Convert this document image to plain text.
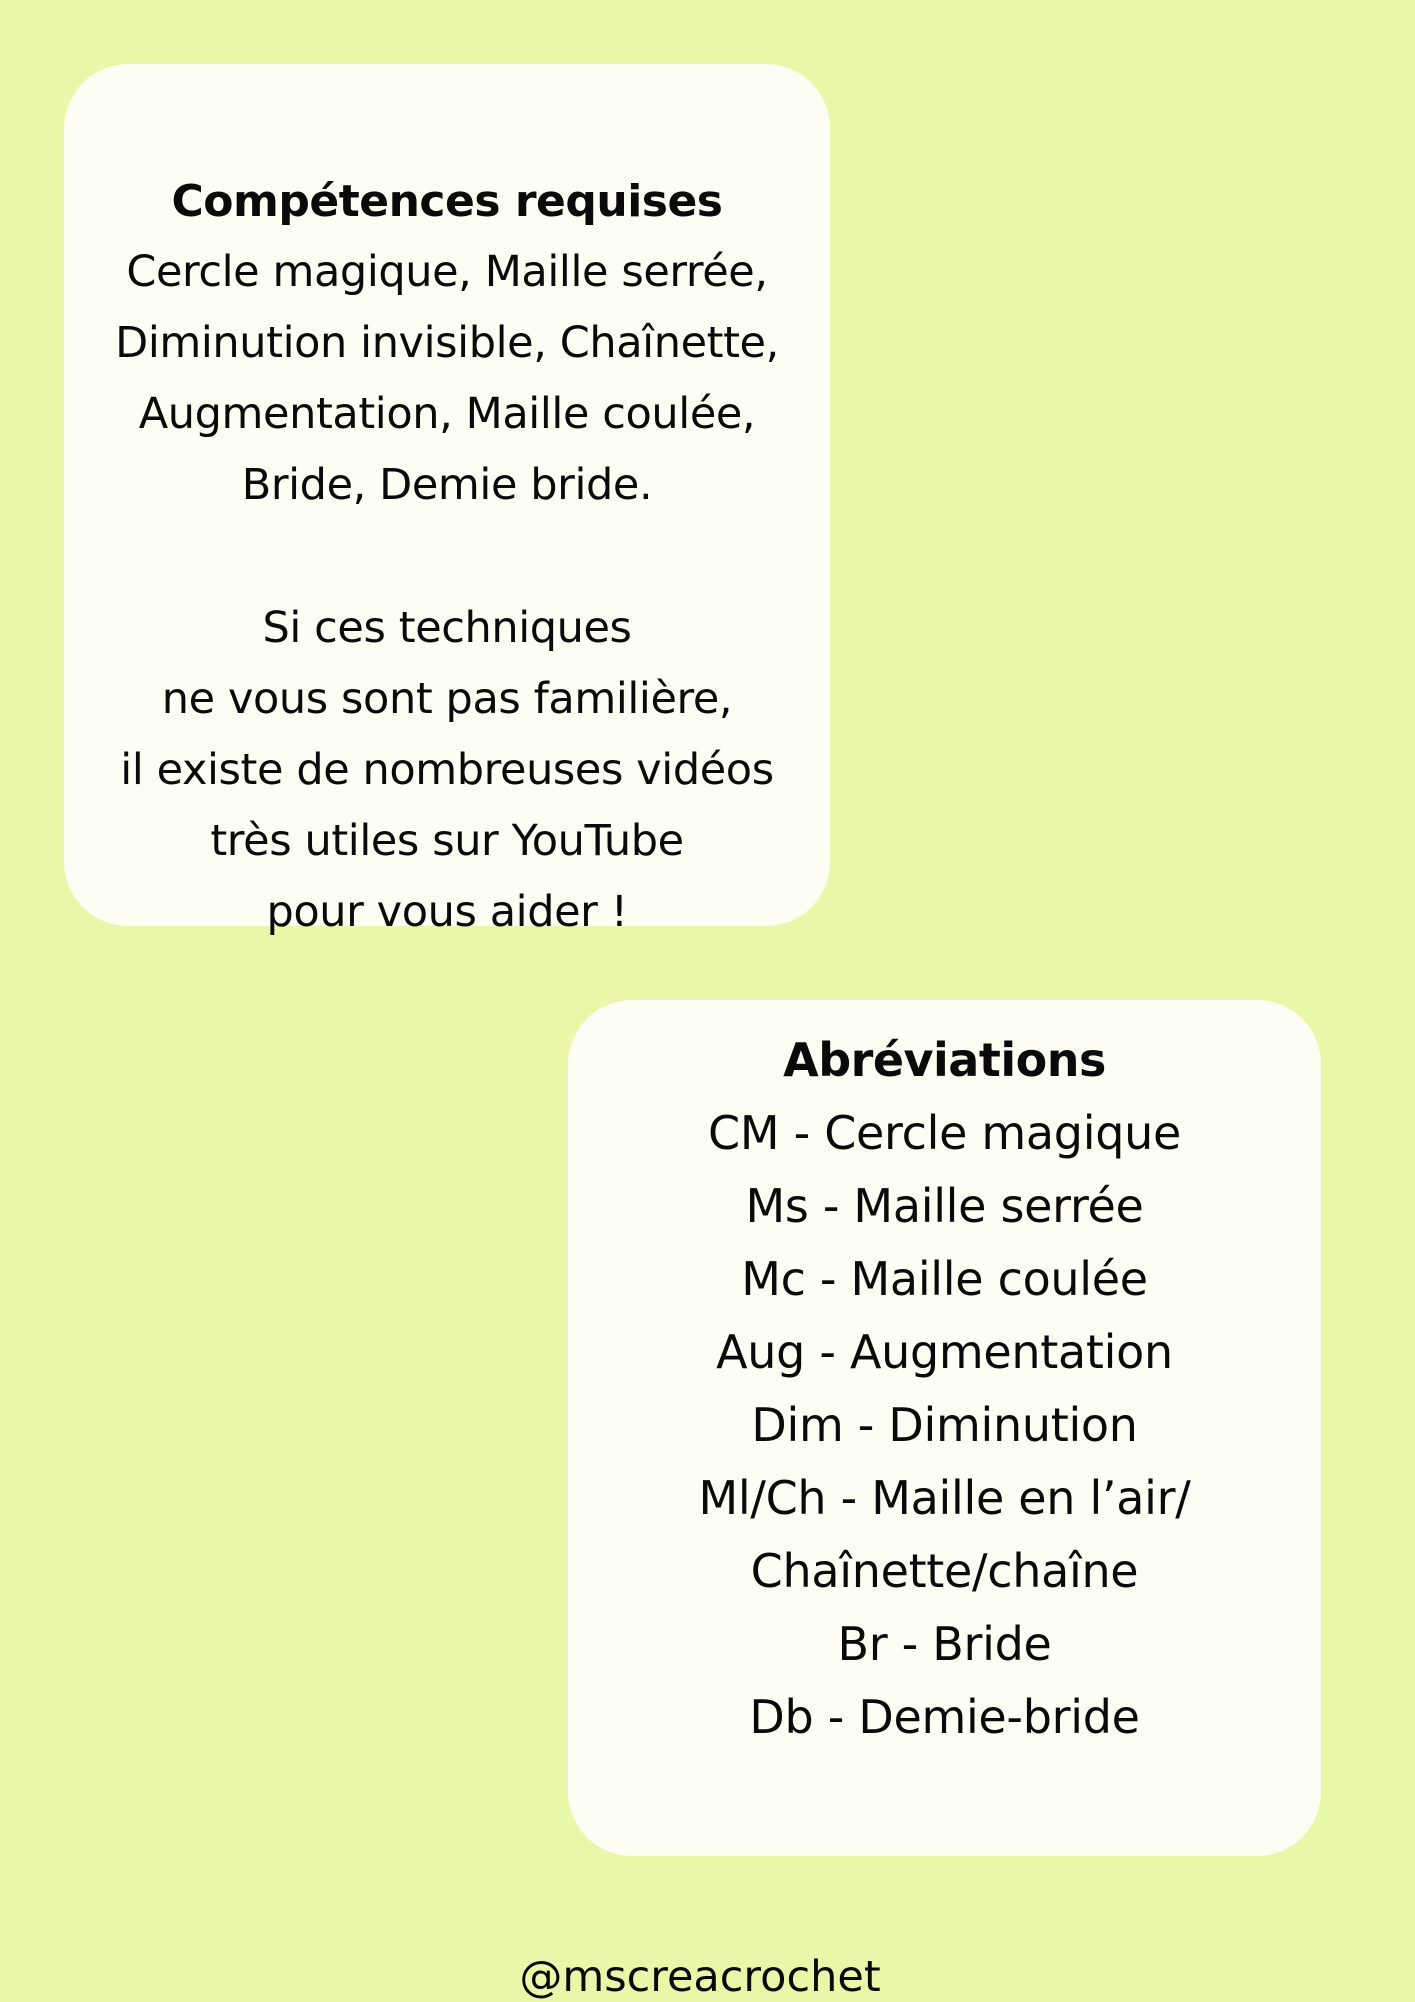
Compétences requises
Cercle magique, Maille serrée,
Diminution invisible, Chaînette,
Augmentation, Maille coulée,
Bride, Demie bride.
Si ces techniques
ne vous sont pas familière,
il existe de nombreuses vidéos
très utiles sur YouTube
pour vous aider !
Abréviations
CM - Cercle magique
Ms - Maille serrée
Mc - Maille coulée
Aug - Augmentation
Dim - Diminution
Ml/Ch - Maille en l’air/
Chaînette/chaîne
Br - Bride
Db - Demie-bride
@mscreacrochet
